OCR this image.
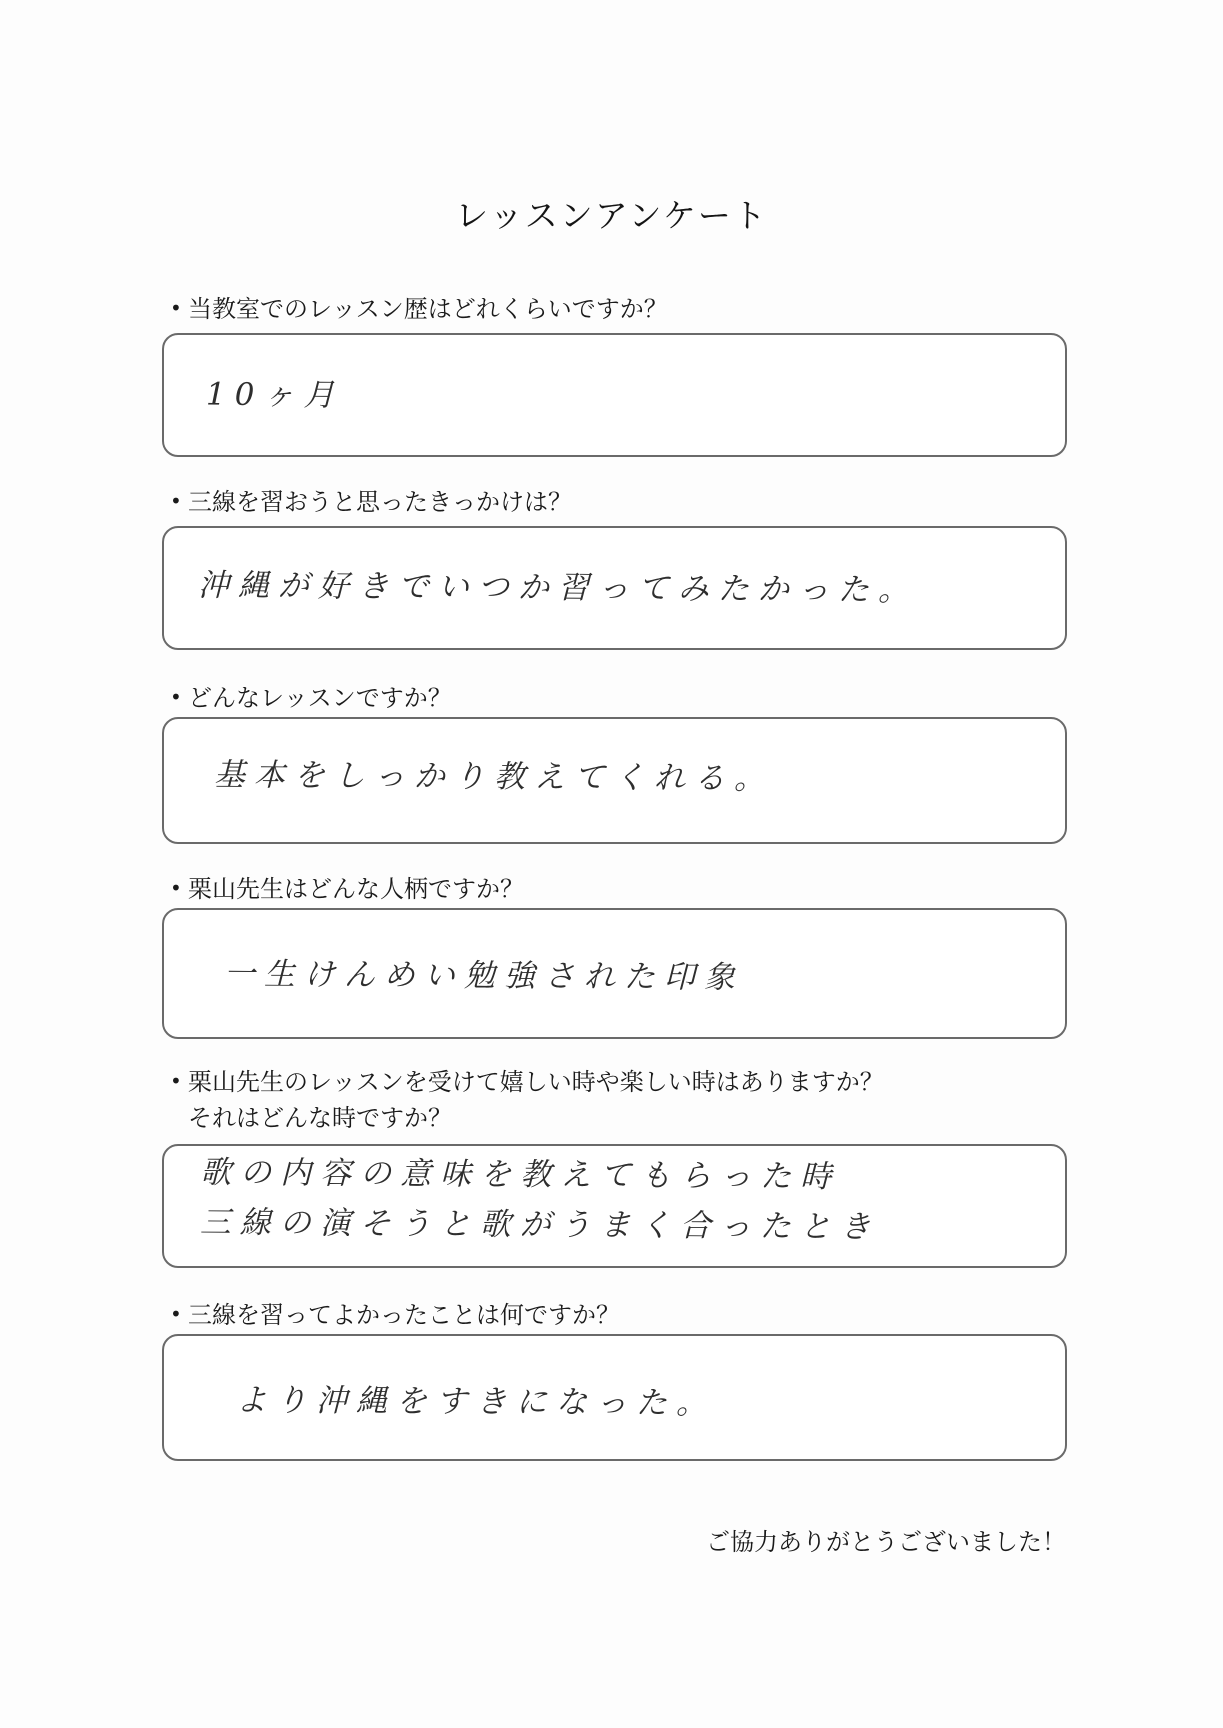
レッスンアンケート
• 当教室でのレッスン歴はどれくらいですか？
10ヶ月
• 三線を習おうと思ったきっかけは？
沖縄が好きでいつか習ってみたかった。
• どんなレッスンですか？
基本をしっかり教えてくれる。
• 栗山先生はどんな人柄ですか？
一生けんめい勉強された印象
• 栗山先生のレッスンを受けて嬉しい時や楽しい時はありますか？
それはどんな時ですか？
歌の内容の意味を教えてもらった時
三線の演そうと歌がうまく合ったとき
• 三線を習ってよかったことは何ですか？
より沖縄をすきになった。
ご協力ありがとうございました！
